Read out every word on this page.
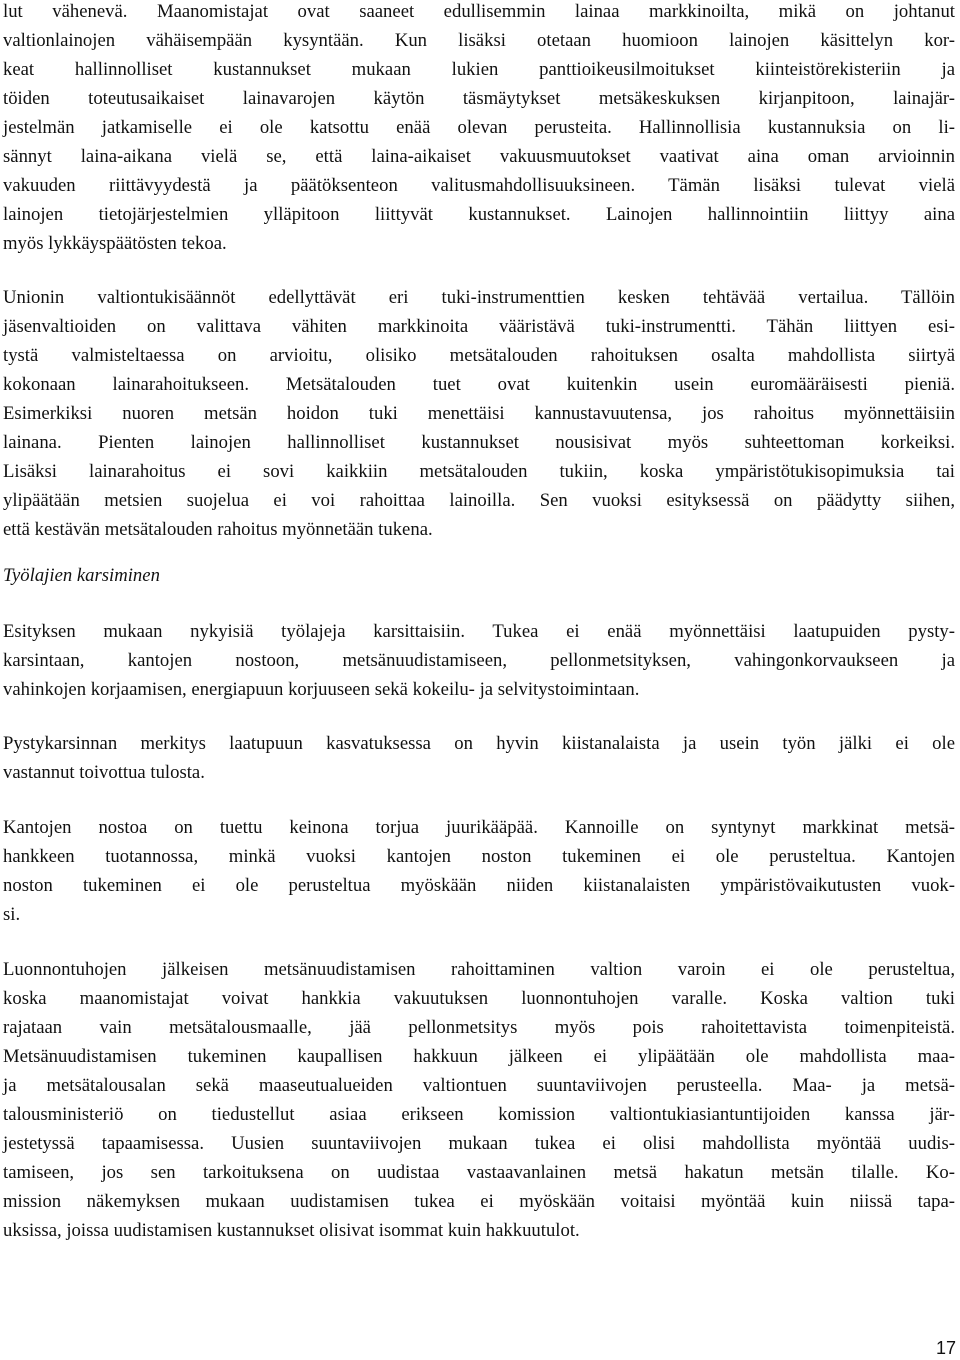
lut vähenevä. Maanomistajat ovat saaneet edullisemmin lainaa markkinoilta, mikä on johtanut
valtionlainojen vähäisempään kysyntään. Kun lisäksi otetaan huomioon lainojen käsittelyn kor-
keat hallinnolliset kustannukset mukaan lukien panttioikeusilmoitukset kiinteistörekisteriin ja
töiden toteutusaikaiset lainavarojen käytön täsmäytykset metsäkeskuksen kirjanpitoon, lainajär-
jestelmän jatkamiselle ei ole katsottu enää olevan perusteita. Hallinnollisia kustannuksia on li-
sännyt laina-aikana vielä se, että laina-aikaiset vakuusmuutokset vaativat aina oman arvioinnin
vakuuden riittävyydestä ja päätöksenteon valitusmahdollisuuksineen. Tämän lisäksi tulevat vielä
lainojen tietojärjestelmien ylläpitoon liittyvät kustannukset. Lainojen hallinnointiin liittyy aina
myös lykkäyspäätösten tekoa.
Unionin valtiontukisäännöt edellyttävät eri tuki-instrumenttien kesken tehtävää vertailua. Tällöin
jäsenvaltioiden on valittava vähiten markkinoita vääristävä tuki-instrumentti. Tähän liittyen esi-
tystä valmisteltaessa on arvioitu, olisiko metsätalouden rahoituksen osalta mahdollista siirtyä
kokonaan lainarahoitukseen. Metsätalouden tuet ovat kuitenkin usein euromääräisesti pieniä.
Esimerkiksi nuoren metsän hoidon tuki menettäisi kannustavuutensa, jos rahoitus myönnettäisiin
lainana. Pienten lainojen hallinnolliset kustannukset nousisivat myös suhteettoman korkeiksi.
Lisäksi lainarahoitus ei sovi kaikkiin metsätalouden tukiin, koska ympäristötukisopimuksia tai
ylipäätään metsien suojelua ei voi rahoittaa lainoilla. Sen vuoksi esityksessä on päädytty siihen,
että kestävän metsätalouden rahoitus myönnetään tukena.
Työlajien karsiminen
Esityksen mukaan nykyisiä työlajeja karsittaisiin. Tukea ei enää myönnettäisi laatupuiden pysty-
karsintaan, kantojen nostoon, metsänuudistamiseen, pellonmetsityksen, vahingonkorvaukseen ja
vahinkojen korjaamisen, energiapuun korjuuseen sekä kokeilu- ja selvitystoimintaan.
Pystykarsinnan merkitys laatupuun kasvatuksessa on hyvin kiistanalaista ja usein työn jälki ei ole
vastannut toivottua tulosta.
Kantojen nostoa on tuettu keinona torjua juurikääpää. Kannoille on syntynyt markkinat metsä-
hankkeen tuotannossa, minkä vuoksi kantojen noston tukeminen ei ole perusteltua. Kantojen
noston tukeminen ei ole perusteltua myöskään niiden kiistanalaisten ympäristövaikutusten vuok-
si.
Luonnontuhojen jälkeisen metsänuudistamisen rahoittaminen valtion varoin ei ole perusteltua,
koska maanomistajat voivat hankkia vakuutuksen luonnontuhojen varalle. Koska valtion tuki
rajataan vain metsätalousmaalle, jää pellonmetsitys myös pois rahoitettavista toimenpiteistä.
Metsänuudistamisen tukeminen kaupallisen hakkuun jälkeen ei ylipäätään ole mahdollista maa-
ja metsätalousalan sekä maaseutualueiden valtiontuen suuntaviivojen perusteella. Maa- ja metsä-
talousministeriö on tiedustellut asiaa erikseen komission valtiontukiasiantuntijoiden kanssa jär-
jestetyssä tapaamisessa. Uusien suuntaviivojen mukaan tukea ei olisi mahdollista myöntää uudis-
tamiseen, jos sen tarkoituksena on uudistaa vastaavanlainen metsä hakatun metsän tilalle. Ko-
mission näkemyksen mukaan uudistamisen tukea ei myöskään voitaisi myöntää kuin niissä tapa-
uksissa, joissa uudistamisen kustannukset olisivat isommat kuin hakkuutulot.
17
